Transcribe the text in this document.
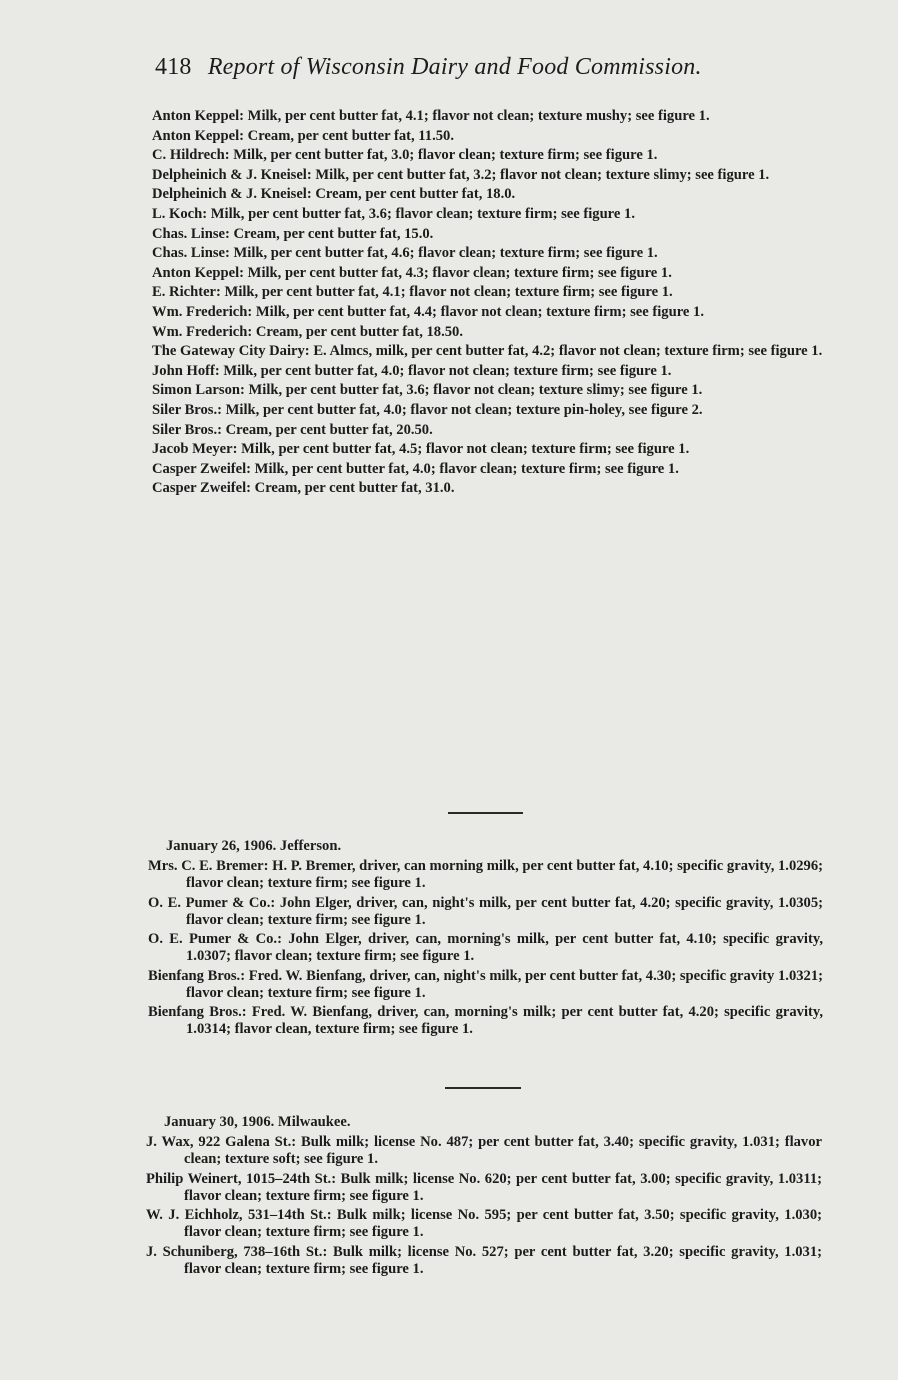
418 Report of Wisconsin Dairy and Food Commission.
Anton Keppel: Milk, per cent butter fat, 4.1; flavor not clean; texture mushy; see figure 1.
Anton Keppel: Cream, per cent butter fat, 11.50.
C. Hildrech: Milk, per cent butter fat, 3.0; flavor clean; texture firm; see figure 1.
Delpheinich & J. Kneisel: Milk, per cent butter fat, 3.2; flavor not clean; texture slimy; see figure 1.
Delpheinich & J. Kneisel: Cream, per cent butter fat, 18.0.
L. Koch: Milk, per cent butter fat, 3.6; flavor clean; texture firm; see figure 1.
Chas. Linse: Cream, per cent butter fat, 15.0.
Chas. Linse: Milk, per cent butter fat, 4.6; flavor clean; texture firm; see figure 1.
Anton Keppel: Milk, per cent butter fat, 4.3; flavor clean; texture firm; see figure 1.
E. Richter: Milk, per cent butter fat, 4.1; flavor not clean; texture firm; see figure 1.
Wm. Frederich: Milk, per cent butter fat, 4.4; flavor not clean; texture firm; see figure 1.
Wm. Frederich: Cream, per cent butter fat, 18.50.
The Gateway City Dairy: E. Almcs, milk, per cent butter fat, 4.2; flavor not clean; texture firm; see figure 1.
John Hoff: Milk, per cent butter fat, 4.0; flavor not clean; texture firm; see figure 1.
Simon Larson: Milk, per cent butter fat, 3.6; flavor not clean; texture slimy; see figure 1.
Siler Bros.: Milk, per cent butter fat, 4.0; flavor not clean; texture pin-holey, see figure 2.
Siler Bros.: Cream, per cent butter fat, 20.50.
Jacob Meyer: Milk, per cent butter fat, 4.5; flavor not clean; texture firm; see figure 1.
Casper Zweifel: Milk, per cent butter fat, 4.0; flavor clean; texture firm; see figure 1.
Casper Zweifel: Cream, per cent butter fat, 31.0.
January 26, 1906. Jefferson.
Mrs. C. E. Bremer: H. P. Bremer, driver, can morning milk, per cent butter fat, 4.10; specific gravity, 1.0296; flavor clean; texture firm; see figure 1.
O. E. Pumer & Co.: John Elger, driver, can, night's milk, per cent butter fat, 4.20; specific gravity, 1.0305; flavor clean; texture firm; see figure 1.
O. E. Pumer & Co.: John Elger, driver, can, morning's milk, per cent butter fat, 4.10; specific gravity, 1.0307; flavor clean; texture firm; see figure 1.
Bienfang Bros.: Fred. W. Bienfang, driver, can, night's milk, per cent butter fat, 4.30; specific gravity 1.0321; flavor clean; texture firm; see figure 1.
Bienfang Bros.: Fred. W. Bienfang, driver, can, morning's milk; per cent butter fat, 4.20; specific gravity, 1.0314; flavor clean, texture firm; see figure 1.
January 30, 1906. Milwaukee.
J. Wax, 922 Galena St.: Bulk milk; license No. 487; per cent butter fat, 3.40; specific gravity, 1.031; flavor clean; texture soft; see figure 1.
Philip Weinert, 1015–24th St.: Bulk milk; license No. 620; per cent butter fat, 3.00; specific gravity, 1.0311; flavor clean; texture firm; see figure 1.
W. J. Eichholz, 531–14th St.: Bulk milk; license No. 595; per cent butter fat, 3.50; specific gravity, 1.030; flavor clean; texture firm; see figure 1.
J. Schuniberg, 738–16th St.: Bulk milk; license No. 527; per cent butter fat, 3.20; specific gravity, 1.031; flavor clean; texture firm; see figure 1.
